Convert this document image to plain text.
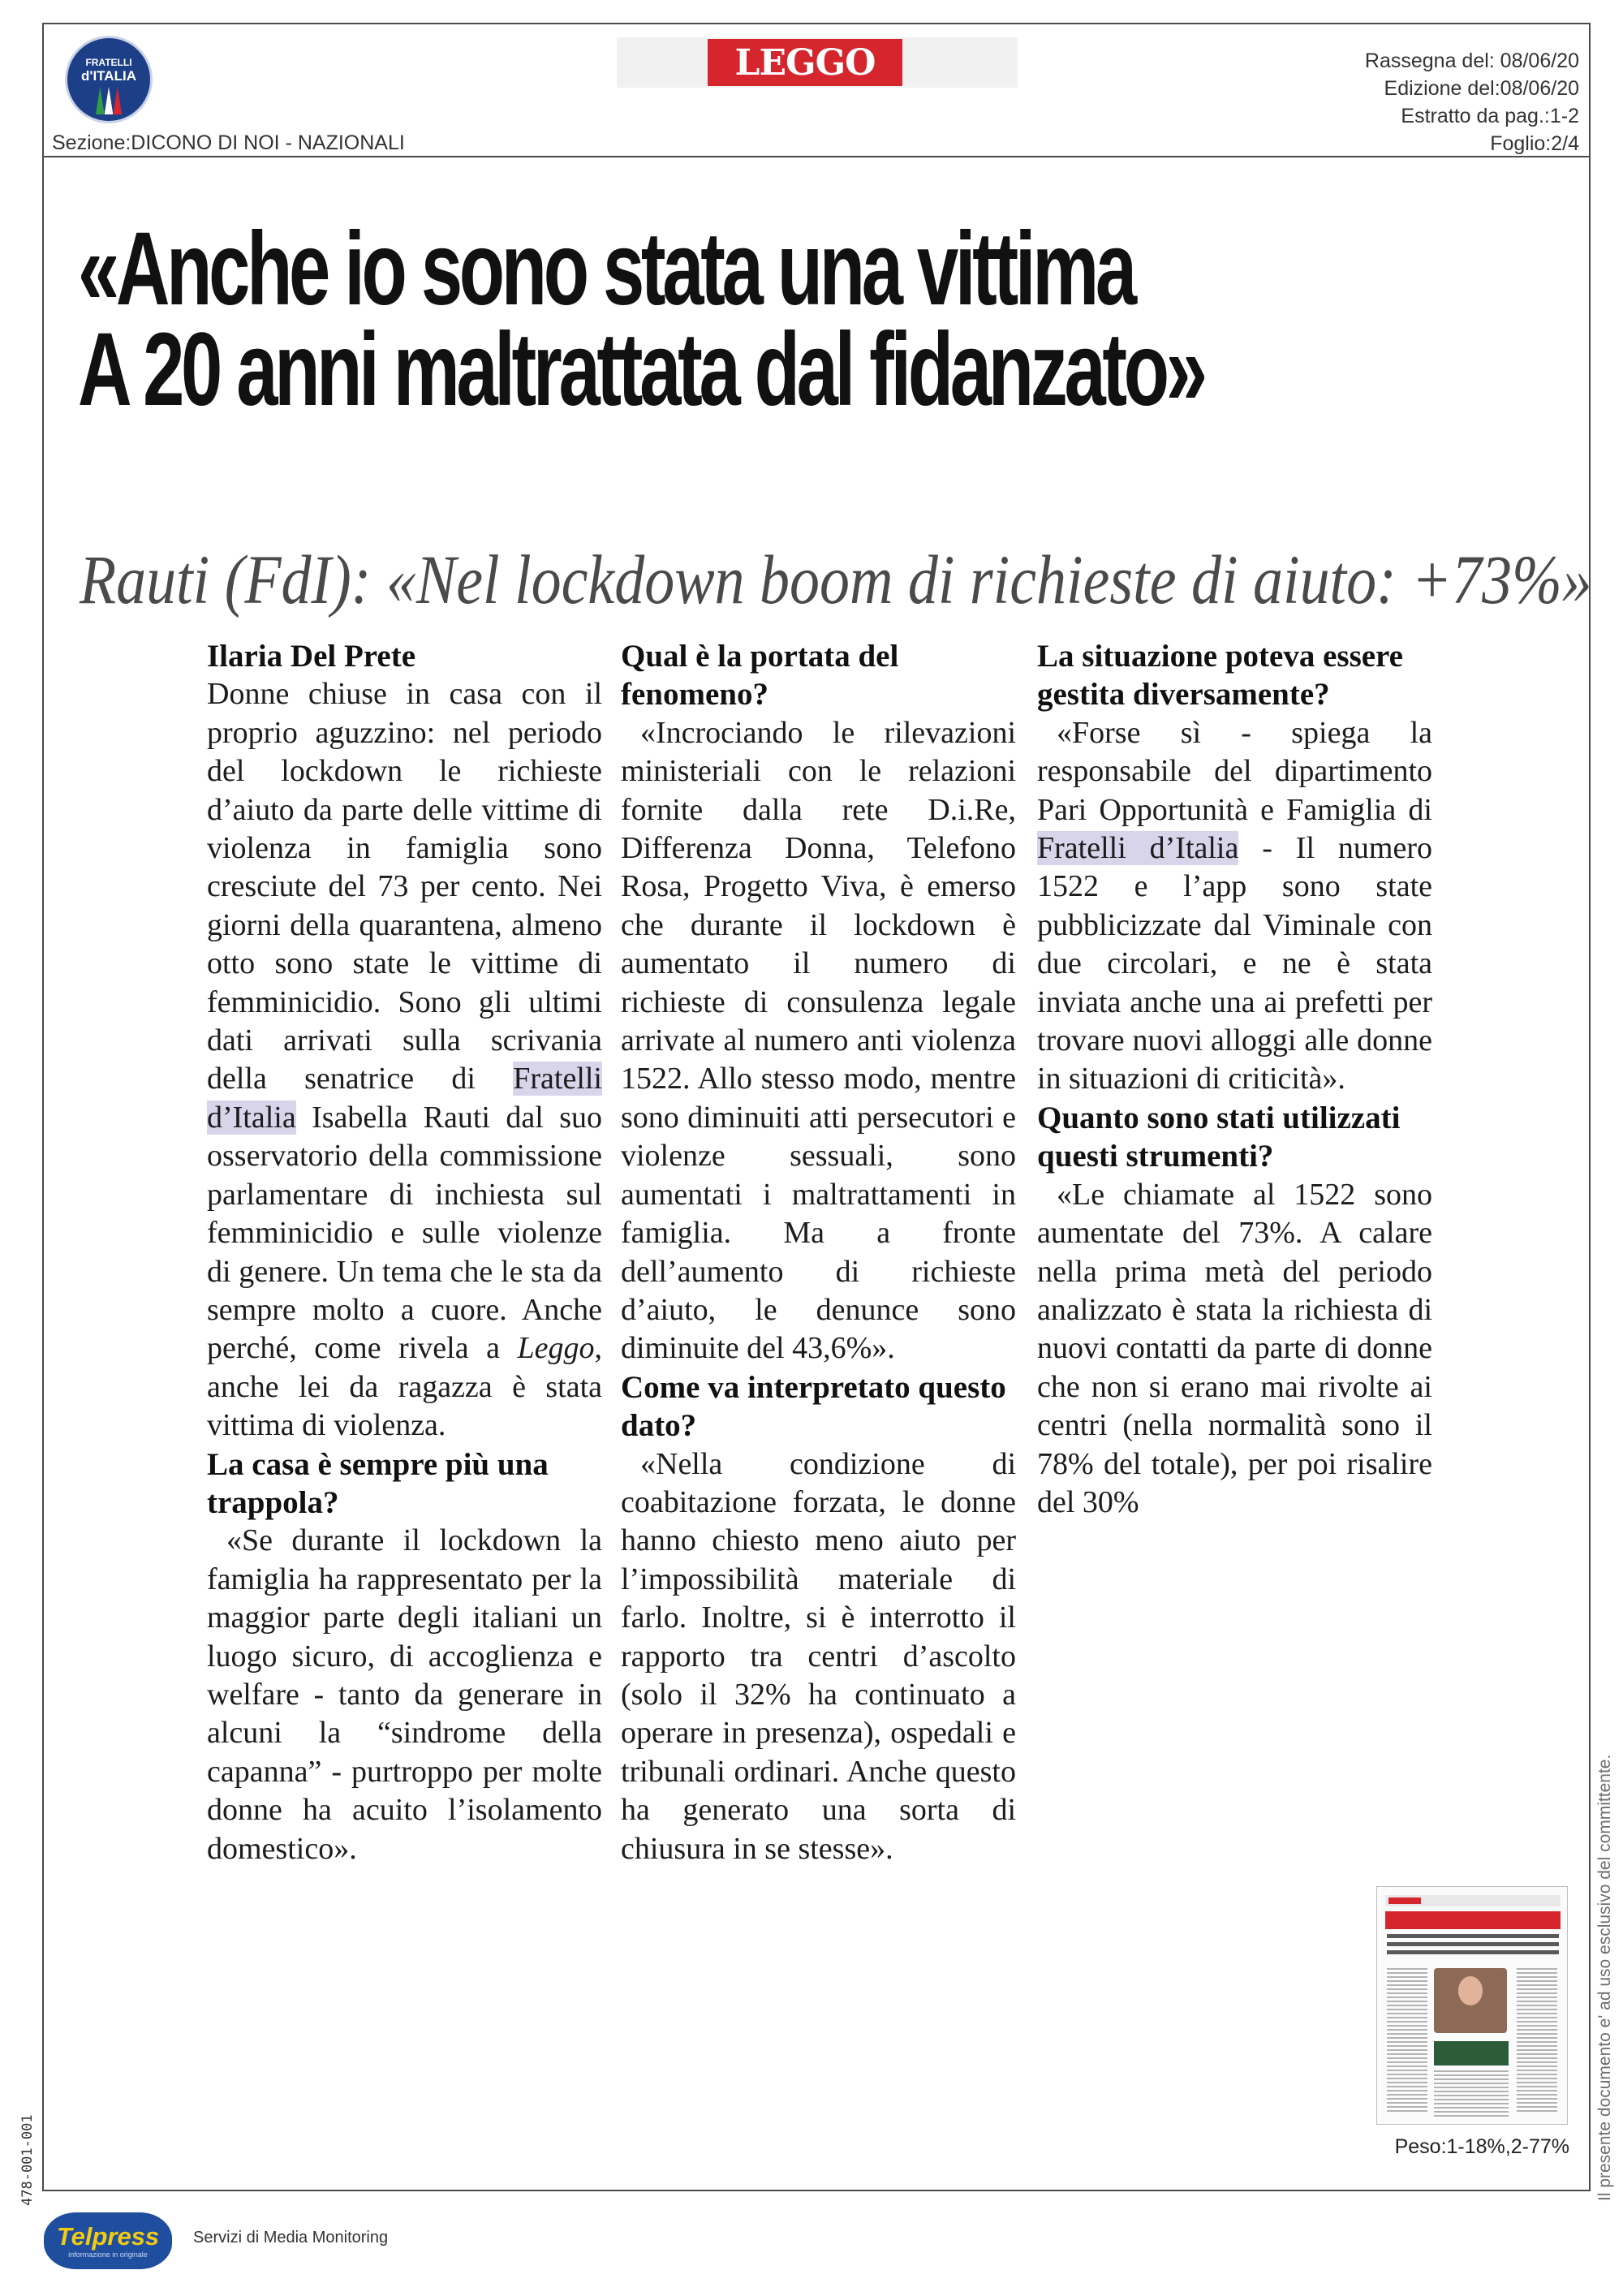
FRATELLI
d'ITALIA
Sezione:DICONO DI NOI - NAZIONALI
LEGGO	Rassegna del: 08/06/20
Edizione del:08/06/20
Estratto da pag.:1-2
Foglio:2/4
«Anche io sono stata una vittima
A 20 anni maltrattata dal fidanzato»
Rauti (FdI): «Nel lockdown boom di richieste di aiuto: +73%»
Ilaria Del Prete

Donne chiuse in casa con il proprio aguzzino: nel periodo del lockdown le richieste d’aiuto da parte delle vittime di violenza in famiglia sono cresciute del 73 per cento. Nei giorni della quarantena, almeno otto sono state le vittime di femminicidio. Sono gli ultimi dati arrivati sulla scrivania della senatrice di Fratelli d’Italia Isabella Rauti dal suo osservatorio della commissione parlamentare di inchiesta sul femminicidio e sulle violenze di genere. Un tema che le sta da sempre molto a cuore. Anche perché, come rivela a Leggo, anche lei da ragazza è stata vittima di violenza.

La casa è sempre più una trappola?

«Se durante il lockdown la famiglia ha rappresentato per la maggior parte degli italiani un luogo sicuro, di accoglienza e welfare - tanto da generare in alcuni la “sindrome della capanna” - purtroppo per molte donne ha acuito l’isolamento domestico».

Qual è la portata del fenomeno?

«Incrociando le rilevazioni ministeriali con le relazioni fornite dalla rete D.i.Re, Differenza Donna, Telefono Rosa, Progetto Viva, è emerso che durante il lockdown è aumentato il numero di richieste di consulenza legale arrivate al numero anti violenza 1522. Allo stesso modo, mentre sono diminuiti atti persecutori e violenze sessuali, sono aumentati i maltrattamenti in famiglia. Ma a fronte dell’aumento di richieste d’aiuto, le denunce sono diminuite del 43,6%».

Come va interpretato questo dato?

«Nella condizione di coabitazione forzata, le donne hanno chiesto meno aiuto per l’impossibilità materiale di farlo. Inoltre, si è interrotto il rapporto tra centri d’ascolto (solo il 32% ha continuato a operare in presenza), ospedali e tribunali ordinari. Anche questo ha generato una sorta di chiusura in se stesse».

La situazione poteva essere gestita diversamente?

«Forse sì - spiega la responsabile del dipartimento Pari Opportunità e Famiglia di Fratelli d’Italia - Il numero 1522 e l’app sono state pubblicizzate dal Viminale con due circolari, e ne è stata inviata anche una ai prefetti per trovare nuovi alloggi alle donne in situazioni di criticità».

Quanto sono stati utilizzati questi strumenti?

«Le chiamate al 1522 sono aumentate del 73%. A calare nella prima metà del periodo analizzato è stata la richiesta di nuovi contatti da parte di donne che non si erano mai rivolte ai centri (nella normalità sono il 78% del totale), per poi risalire del 30%

Peso:1-18%,2-77% Il presente documento e' ad uso esclusivo del committente.
478-001-001
Telpress
informazione in originale
Servizi di Media Monitoring
